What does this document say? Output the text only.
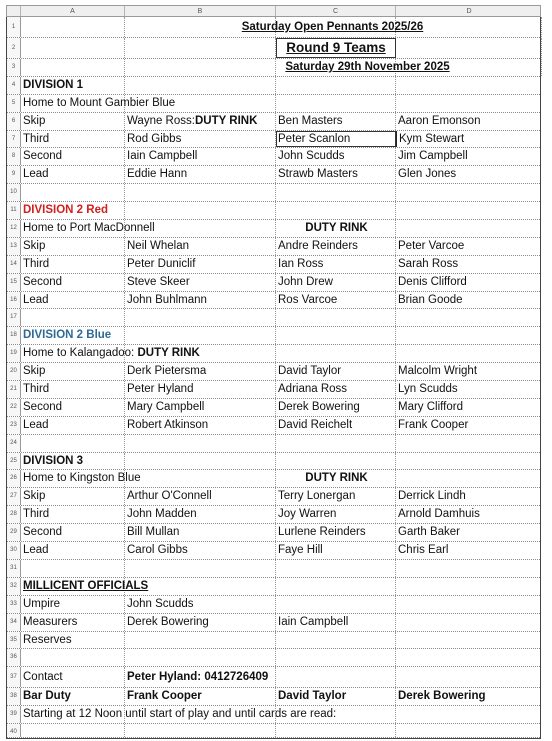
A	B	C	D
1	Saturday Open Pennants 2025/26
2	Round 9 Teams
3	Saturday 29th November 2025
4 DIVISION 1
5 Home to Mount Gambier Blue
6 Skip	Wayne Ross:DUTY RINK	Ben Masters	Aaron Emonson
7 Third	Rod Gibbs	Peter Scanlon	Kym Stewart
8 Second	Iain Campbell	John Scudds	Jim Campbell
9 Lead	Eddie Hann	Strawb Masters	Glen Jones
10
11 DIVISION 2 Red
12 Home to Port MacDonnell	DUTY RINK
13 Skip	Neil Whelan	Andre Reinders	Peter Varcoe
14 Third	Peter Duniclif	Ian Ross	Sarah Ross
15 Second	Steve Skeer	John Drew	Denis Clifford
16 Lead	John Buhlmann	Ros Varcoe	Brian Goode
17
18 DIVISION 2 Blue
19 Home to Kalangadoo: DUTY RINK
20 Skip	Derk Pietersma	David Taylor	Malcolm Wright
21 Third	Peter Hyland	Adriana Ross	Lyn Scudds
22 Second	Mary Campbell	Derek Bowering	Mary Clifford
23 Lead	Robert Atkinson	David Reichelt	Frank Cooper
24
25 DIVISION 3
26 Home to Kingston Blue	DUTY RINK
27 Skip	Arthur O'Connell	Terry Lonergan	Derrick Lindh
28 Third	John Madden	Joy Warren	Arnold Damhuis
29 Second	Bill Mullan	Lurlene Reinders	Garth Baker
30 Lead	Carol Gibbs	Faye Hill	Chris Earl
31
32 MILLICENT OFFICIALS
33 Umpire	John Scudds
34 Measurers	Derek Bowering	Iain Campbell
35 Reserves
36
37 Contact	Peter Hyland: 0412726409
38 Bar Duty	Frank Cooper	David Taylor	Derek Bowering
39 Starting at 12 Noon until start of play and until cards are read:
40
